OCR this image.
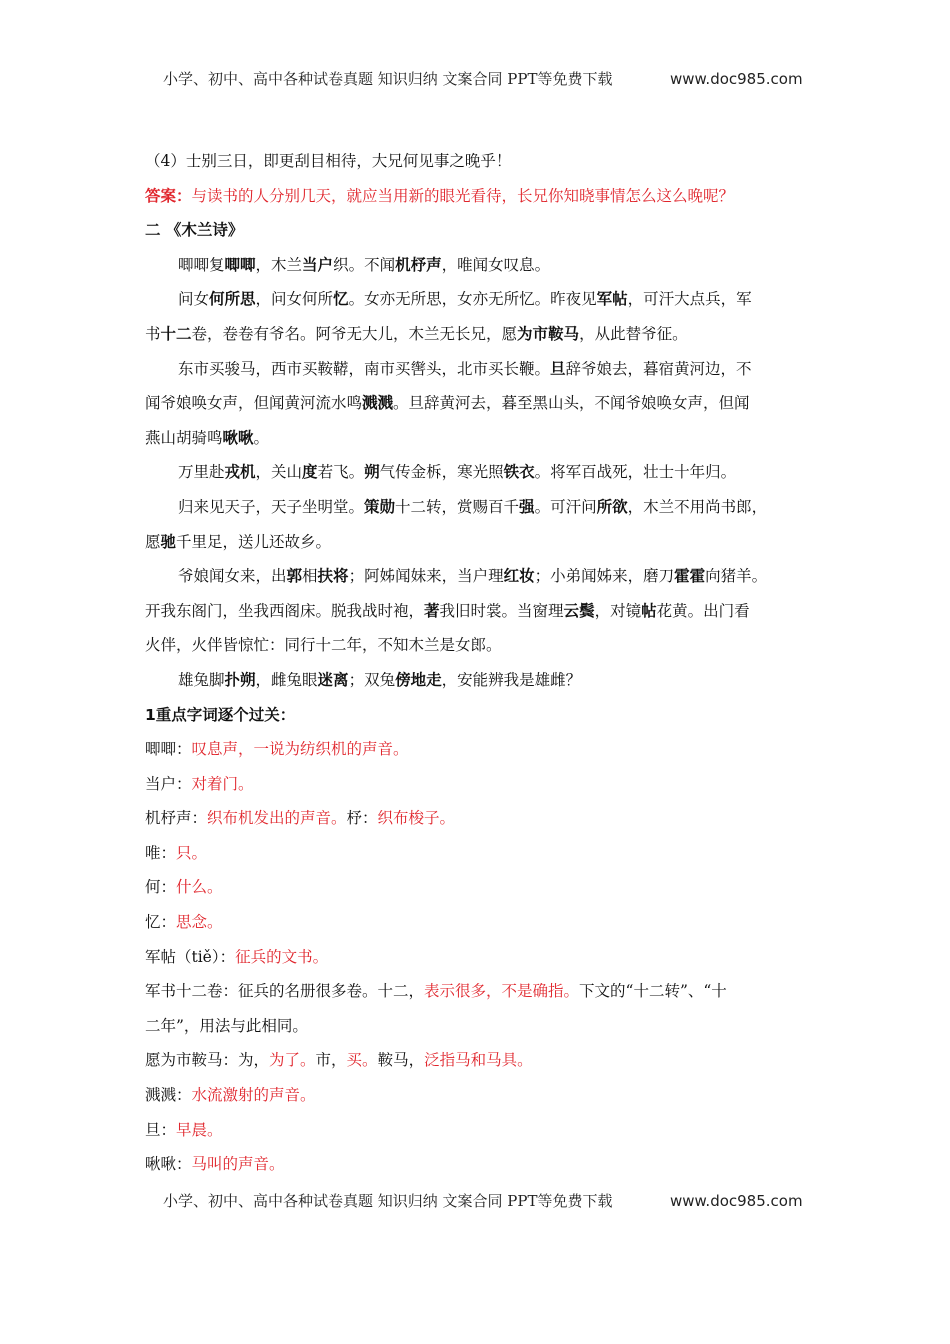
小学、初中、高中各种试卷真题 知识归纳 文案合同 PPT等免费下载	www.doc985.com
（4）士别三日，即更刮目相待，大兄何见事之晚乎！
答案：与读书的人分别几天，就应当用新的眼光看待，长兄你知晓事情怎么这么晚呢？
二 《木兰诗》
唧唧复唧唧，木兰当户织。不闻机杼声，唯闻女叹息。
问女何所思，问女何所忆。女亦无所思，女亦无所忆。昨夜见军帖，可汗大点兵，军
书十二卷，卷卷有爷名。阿爷无大儿，木兰无长兄，愿为市鞍马，从此替爷征。
东市买骏马，西市买鞍鞯，南市买辔头，北市买长鞭。旦辞爷娘去，暮宿黄河边，不
闻爷娘唤女声，但闻黄河流水鸣溅溅。旦辞黄河去，暮至黑山头，不闻爷娘唤女声，但闻
燕山胡骑鸣啾啾。
万里赴戎机，关山度若飞。朔气传金柝，寒光照铁衣。将军百战死，壮士十年归。
归来见天子，天子坐明堂。策勋十二转，赏赐百千强。可汗问所欲，木兰不用尚书郎，
愿驰千里足，送儿还故乡。
爷娘闻女来，出郭相扶将；阿姊闻妹来，当户理红妆；小弟闻姊来，磨刀霍霍向猪羊。
开我东阁门，坐我西阁床。脱我战时袍，著我旧时裳。当窗理云鬓，对镜帖花黄。出门看
火伴，火伴皆惊忙：同行十二年，不知木兰是女郎。
雄兔脚扑朔，雌兔眼迷离；双兔傍地走，安能辨我是雄雌？
1重点字词逐个过关：
唧唧：叹息声，一说为纺织机的声音。
当户：对着门。
机杼声：织布机发出的声音。杼：织布梭子。
唯：只。
何：什么。
忆：思念。
军帖（tiě）：征兵的文书。
军书十二卷：征兵的名册很多卷。十二，表示很多，不是确指。下文的“十二转”、“十
二年”，用法与此相同。
愿为市鞍马：为，为了。市，买。鞍马，泛指马和马具。
溅溅：水流激射的声音。
旦：早晨。
啾啾：马叫的声音。
小学、初中、高中各种试卷真题 知识归纳 文案合同 PPT等免费下载	www.doc985.com
